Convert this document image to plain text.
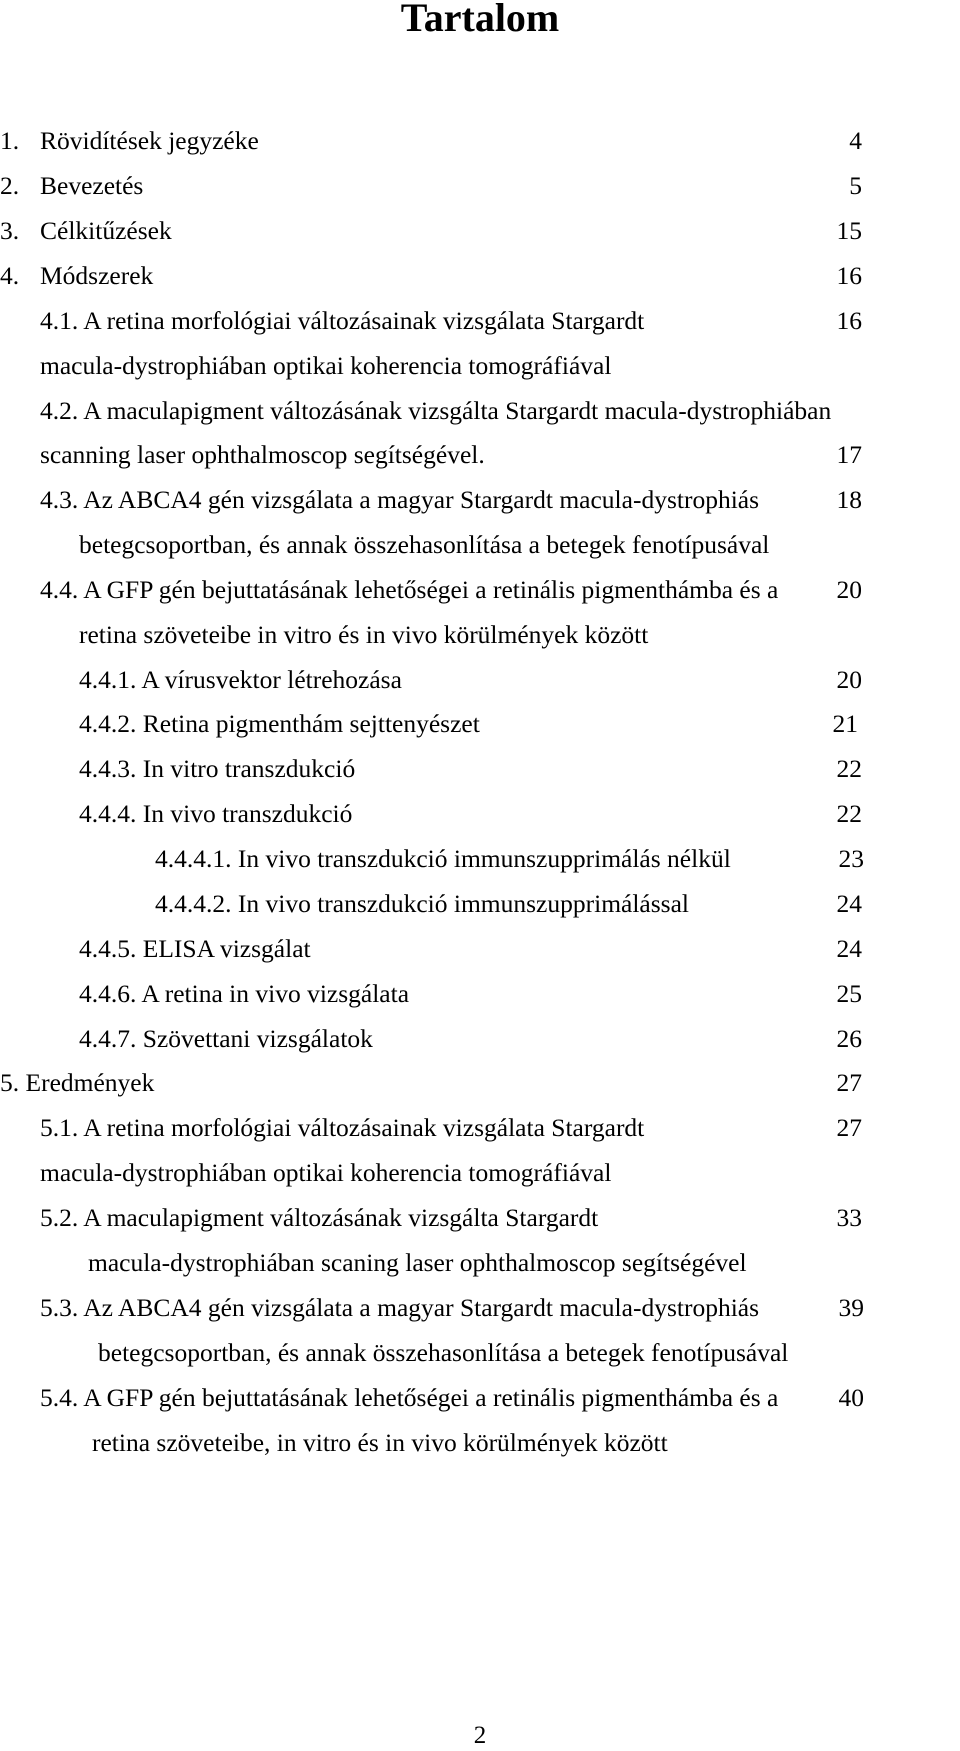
Tartalom
1. Rövidítések jegyzéke	4
2. Bevezetés	5
3. Célkitűzések	15
4. Módszerek	16
4.1. A retina morfológiai változásainak vizsgálata Stargardt	16
macula-dystrophiában optikai koherencia tomográfiával
4.2. A maculapigment változásának vizsgálta Stargardt macula-dystrophiában
scanning laser ophthalmoscop segítségével.	17
4.3. Az ABCA4 gén vizsgálata a magyar Stargardt macula-dystrophiás	18
betegcsoportban, és annak összehasonlítása a betegek fenotípusával
4.4. A GFP gén bejuttatásának lehetőségei a retinális pigmenthámba és a 20
retina szöveteibe in vitro és in vivo körülmények között
4.4.1. A vírusvektor létrehozása	20
4.4.2. Retina pigmenthám sejttenyészet	21
4.4.3. In vitro transzdukció	22
4.4.4. In vivo transzdukció	22
4.4.4.1. In vivo transzdukció immunszupprimálás nélkül	23
4.4.4.2. In vivo transzdukció immunszupprimálással	24
4.4.5. ELISA vizsgálat	24
4.4.6. A retina in vivo vizsgálata	25
4.4.7. Szövettani vizsgálatok	26
5. Eredmények	27
5.1. A retina morfológiai változásainak vizsgálata Stargardt	27
macula-dystrophiában optikai koherencia tomográfiával
5.2. A maculapigment változásának vizsgálta Stargardt	33
macula-dystrophiában scaning laser ophthalmoscop segítségével
5.3. Az ABCA4 gén vizsgálata a magyar Stargardt macula-dystrophiás	39
betegcsoportban, és annak összehasonlítása a betegek fenotípusával
5.4. A GFP gén bejuttatásának lehetőségei a retinális pigmenthámba és a 40
retina szöveteibe, in vitro és in vivo körülmények között
2
